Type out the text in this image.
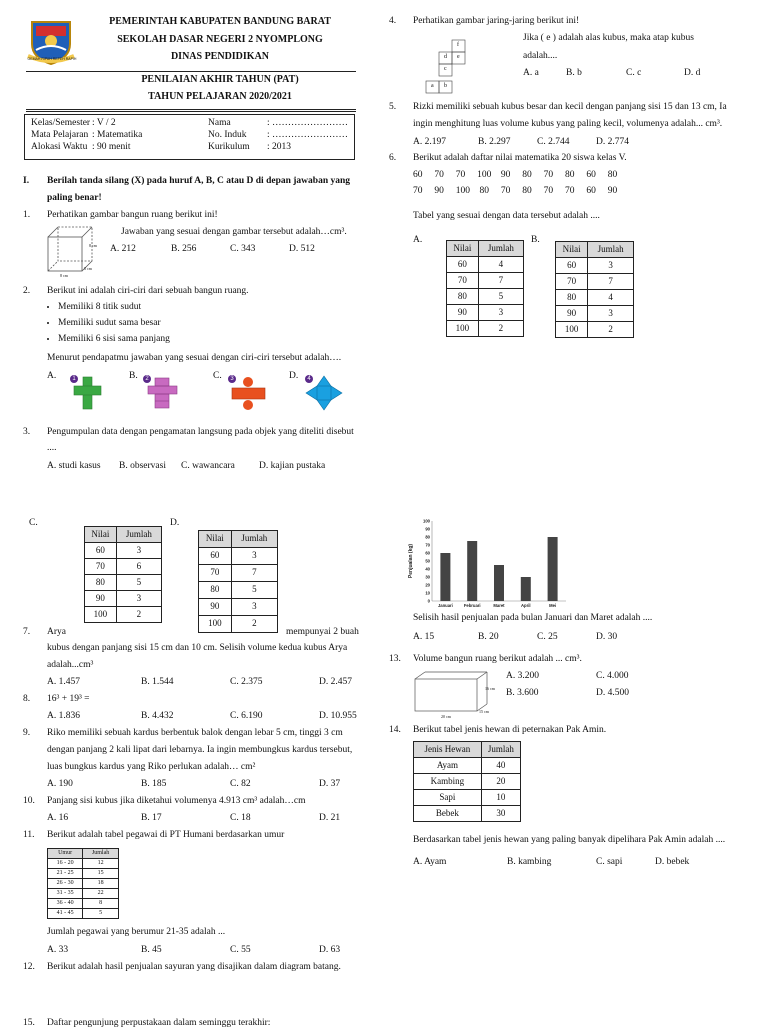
GEMAH RIPAH REPEH RAPIH
PEMERINTAH KABUPATEN BANDUNG BARAT
SEKOLAH DASAR NEGERI 2 NYOMPLONG
DINAS PENDIDIKAN
PENILAIAN AKHIR TAHUN (PAT)
TAHUN PELAJARAN 2020/2021
Kelas/Semester : V / 2
Mata Pelajaran : Matematika
Alokasi Waktu : 90 menit
Nama	: ……………………
No. Induk : ……………………
Kurikulum : 2013
I. Berilah tanda silang (X) pada huruf A, B, C atau D di depan jawaban yang
paling benar!
1. Perhatikan gambar bangun ruang berikut ini!
8 cm
8 cm
8 cm
Jawaban yang sesuai dengan gambar tersebut adalah…cm³.
A. 212	B. 256	C. 343	D. 512
2. Berikut ini adalah ciri-ciri dari sebuah bangun ruang.
• Memiliki 8 titik sudut
• Memiliki sudut sama besar
• Memiliki 6 sisi sama panjang
Menurut pendapatmu jawaban yang sesuai dengan ciri-ciri tersebut adalah….
A.	B.	C.	D.
1	2	3	4
3. Pengumpulan data dengan pengamatan langsung pada objek yang diteliti disebut
....
A. studi kasus B. observasi C. wawancara	D. kajian pustaka
C.
Nilai	Jumlah
60	3
70	6
80	5
90	3
100	2
D.
Nilai	Jumlah
60	3
70	7
80	5
90	3
100	2
7. Arya	mempunyai 2 buah
kubus dengan panjang sisi 15 cm dan 10 cm. Selisih volume kedua kubus Arya
adalah...cm³
A. 1.457	B. 1.544	C. 2.375	D. 2.457
8. 16³ + 19³ =
A. 1.836	B. 4.432	C. 6.190	D. 10.955
9. Riko memiliki sebuah kardus berbentuk balok dengan lebar 5 cm, tinggi 3 cm
dengan panjang 2 kali lipat dari lebarnya. Ia ingin membungkus kardus tersebut,
luas bungkus kardus yang Riko perlukan adalah… cm²
A. 190	B. 185	C. 82	D. 37
10. Panjang sisi kubus jika diketahui volumenya 4.913 cm³ adalah…cm
A. 16	B. 17	C. 18	D. 21
11. Berikut adalah tabel pegawai di PT Humani berdasarkan umur
Umur	Jumlah
16 - 20	12
21 - 25	15
26 - 30	18
31 - 35	22
36 - 40	8
41 - 45	5
Jumlah pegawai yang berumur 21-35 adalah ...
A. 33	B. 45	C. 55	D. 63
12. Berikut adalah hasil penjualan sayuran yang disajikan dalam diagram batang.
15. Daftar pengunjung perpustakaan dalam seminggu terakhir:
4. Perhatikan gambar jaring-jaring berikut ini!
f
d e
c
a b
Jika ( e ) adalah alas kubus, maka atap kubus
adalah....
A. a	B. b	C. c	D. d
5. Rizki memiliki sebuah kubus besar dan kecil dengan panjang sisi 15 dan 13 cm, Ia
ingin menghitung luas volume kubus yang paling kecil, volumenya adalah... cm³.
A. 2.197	B. 2.297	C. 2.744	D. 2.774
6. Berikut adalah daftar nilai matematika 20 siswa kelas V.
60     70     70     100    90     80     70     80     60     80
70     90     100    80     70     80     70     70     60     90
Tabel yang sesuai dengan data tersebut adalah ....
A.
Nilai	Jumlah
60	4
70	7
80	5
90	3
100	2
B.
Nilai	Jumlah
60	3
70	7
80	4
90	3
100	2
0
10
20
30
40
50
60
70
80
90
100
Penjualan (kg)
Januari	Februari	Maret	April	Mei
Selisih hasil penjualan pada bulan Januari dan Maret adalah ....
A. 15	B. 20	C. 25	D. 30
13. Volume bangun ruang berikut adalah ... cm³.
16 cm
15 cm
20 cm
A. 3.200	C. 4.000
B. 3.600	D. 4.500
14. Berikut tabel jenis hewan di peternakan Pak Amin.
Jenis Hewan	Jumlah
Ayam	40
Kambing	20
Sapi	10
Bebek	30
Berdasarkan tabel jenis hewan yang paling banyak dipelihara Pak Amin adalah ....
A. Ayam	B. kambing	C. sapi	D. bebek
